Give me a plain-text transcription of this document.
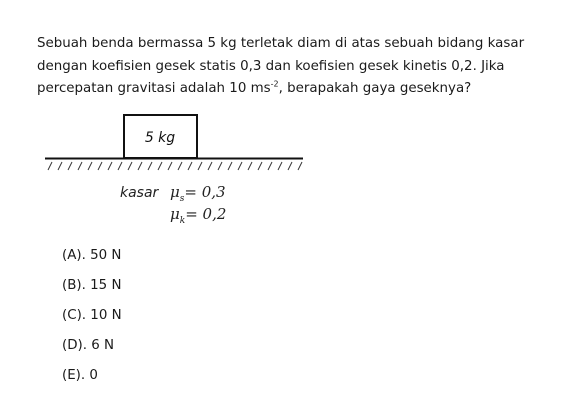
Sebuah benda bermassa 5 kg terletak diam di atas sebuah bidang kasar dengan koefisien gesek statis 0,3 dan koefisien gesek kinetis 0,2. Jika percepatan gravitasi adalah 10 $ms^{-2}$, berapakah gaya geseknya?

5 kg
kasar $\mu_s= 0,3$
$\mu_k= 0,2$
(A). 50 N
(B). 15 N
(C). 10 N
(D). 6 N
(E). 0
